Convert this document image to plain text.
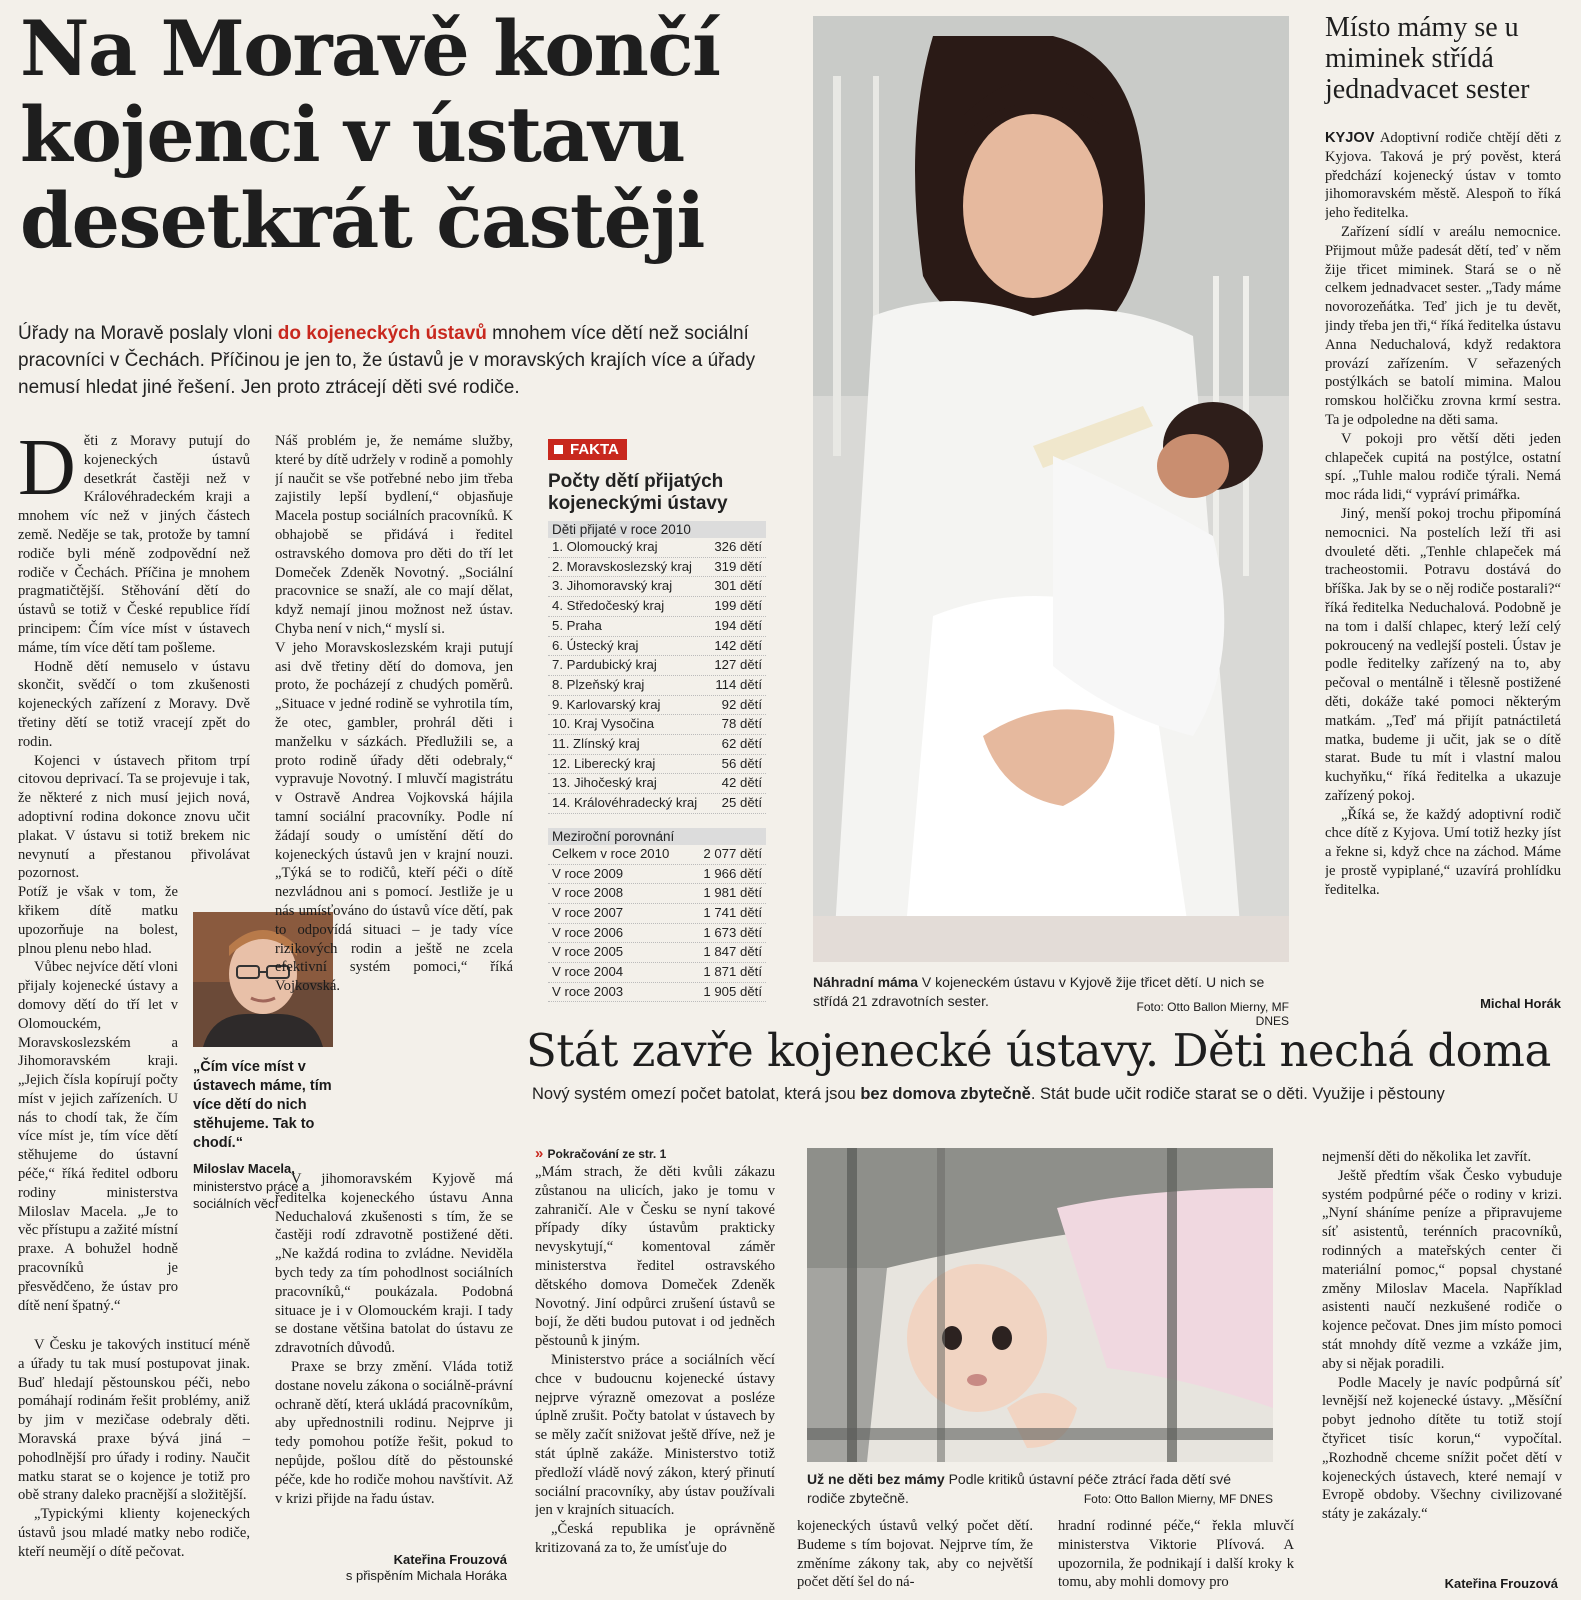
Na Moravě končí kojenci v ústavu desetkrát častěji
Úřady na Moravě poslaly vloni do kojeneckých ústavů mnohem více dětí než sociální pracovníci v Čechách. Příčinou je jen to, že ústavů je v moravských krajích více a úřady nemusí hledat jiné řešení. Jen proto ztrácejí děti své rodiče.

Děti z Moravy putují do kojeneckých ústavů desetkrát častěji než v Královéhradeckém kraji a mnohem víc než v jiných částech země. Neděje se tak, protože by tamní rodiče byli méně zodpovědní než rodiče v Čechách. Příčina je mnohem pragmatičtější. Stěhování dětí do ústavů se totiž v České republice řídí principem: Čím více míst v ústavech máme, tím více dětí tam pošleme.

Hodně dětí nemuselo v ústavu skončit, svědčí o tom zkušenosti kojeneckých zařízení z Moravy. Dvě třetiny dětí se totiž vracejí zpět do rodin.

Kojenci v ústavech přitom trpí citovou deprivací. Ta se projevuje i tak, že některé z nich musí jejich nová, adoptivní rodina dokonce znovu učit plakat. V ústavu si totiž brekem nic nevynutí a přestanou přivolávat pozornost.

Potíž je však v tom, že křikem dítě matku upozorňuje na bolest, plnou plenu nebo hlad.

Vůbec nejvíce dětí vloni přijaly kojenecké ústavy a domovy dětí do tří let v Olomouckém, Moravskoslezském a Jihomoravském kraji. „Jejich čísla kopírují počty míst v jejich zařízeních. U nás to chodí tak, že čím více míst je, tím více dětí stěhujeme do ústavní péče,“ říká ředitel odboru rodiny ministerstva Miloslav Macela. „Je to věc přístupu a zažité místní praxe. A bohužel hodně pracovníků je přesvědčeno, že ústav pro dítě není špatný.“

V Česku je takových institucí méně a úřady tu tak musí postupovat jinak. Buď hledají pěstounskou péči, nebo pomáhají rodinám řešit problémy, aniž by jim v mezičase odebraly děti. Moravská praxe bývá jiná – pohodlnější pro úřady i rodiny. Naučit matku starat se o kojence je totiž pro obě strany daleko pracnější a složitější.

„Typickými klienty kojeneckých ústavů jsou mladé matky nebo rodiče, kteří neumějí o dítě pečovat.

„Čím více míst v ústavech máme, tím více dětí do nich stěhujeme. Tak to chodí.“
Miloslav Macela,
ministerstvo práce a sociálních věcí

Náš problém je, že nemáme služby, které by dítě udržely v rodině a pomohly jí naučit se vše potřebné nebo jim třeba zajistily lepší bydlení,“ objasňuje Macela postup sociálních pracovníků. K obhajobě se přidává i ředitel ostravského domova pro děti do tří let Domeček Zdeněk Novotný. „Sociální pracovnice se snaží, ale co mají dělat, když nemají jinou možnost než ústav. Chyba není v nich,“ myslí si.

V jeho Moravskoslezském kraji putují asi dvě třetiny dětí do domova, jen proto, že pocházejí z chudých poměrů. „Situace v jedné rodině se vyhrotila tím, že otec, gambler, prohrál děti i manželku v sázkách. Předlužili se, a proto rodině úřady děti odebraly,“ vypravuje Novotný. I mluvčí magistrátu v Ostravě Andrea Vojkovská hájila tamní sociální pracovníky. Podle ní žádají soudy o umístění dětí do kojeneckých ústavů jen v krajní nouzi. „Týká se to rodičů, kteří péči o dítě nezvládnou ani s pomocí. Jestliže je u nás umísťováno do ústavů více dětí, pak to odpovídá situaci – je tady více rizikových rodin a ještě ne zcela efektivní systém pomoci,“ říká Vojkovská.

V jihomoravském Kyjově má ředitelka kojeneckého ústavu Anna Neduchalová zkušenosti s tím, že se častěji rodí zdravotně postižené děti. „Ne každá rodina to zvládne. Neviděla bych tedy za tím pohodlnost sociálních pracovníků,“ poukázala. Podobná situace je i v Olomouckém kraji. I tady se dostane většina batolat do ústavu ze zdravotních důvodů.

Praxe se brzy změní. Vláda totiž dostane novelu zákona o sociálně-právní ochraně dětí, která ukládá pracovníkům, aby upřednostnili rodinu. Nejprve ji tedy pomohou potíže řešit, pokud to nepůjde, pošlou dítě do pěstounské péče, kde ho rodiče mohou navštívit. Až v krizi přijde na řadu ústav.

Kateřina Frouzová
s přispěním Michala Horáka
FAKTA
Počty dětí přijatých kojeneckými ústavy
Děti přijaté v roce 2010
1. Olomoucký kraj	326 dětí
2. Moravskoslezský kraj 319 dětí
3. Jihomoravský kraj	301 dětí
4. Středočeský kraj	199 dětí
5. Praha	194 dětí
6. Ústecký kraj	142 dětí
7. Pardubický kraj	127 dětí
8. Plzeňský kraj	114 dětí
9. Karlovarský kraj	92 dětí
10. Kraj Vysočina	78 dětí
11. Zlínský kraj	62 dětí
12. Liberecký kraj	56 dětí
13. Jihočeský kraj	42 dětí
14. Královéhradecký kraj 25 dětí
Meziroční porovnání
Celkem v roce 2010	2 077 dětí
V roce 2009	1 966 dětí
V roce 2008	1 981 dětí
V roce 2007	1 741 dětí
V roce 2006	1 673 dětí
V roce 2005	1 847 dětí
V roce 2004	1 871 dětí
V roce 2003	1 905 dětí
Náhradní máma V kojeneckém ústavu v Kyjově žije třicet dětí. U nich se střídá 21 zdravotních sester.	Foto: Otto Ballon Mierny, MF DNES
Místo mámy se u miminek střídá jednadvacet sester

KYJOV Adoptivní rodiče chtějí děti z Kyjova. Taková je prý pověst, která předchází kojenecký ústav v tomto jihomoravském městě. Alespoň to říká jeho ředitelka.

Zařízení sídlí v areálu nemocnice. Přijmout může padesát dětí, teď v něm žije třicet miminek. Stará se o ně celkem jednadvacet sester. „Tady máme novorozeňátka. Teď jich je tu devět, jindy třeba jen tři,“ říká ředitelka ústavu Anna Neduchalová, když redaktora provází zařízením. V seřazených postýlkách se batolí mimina. Malou romskou holčičku zrovna krmí sestra. Ta je odpoledne na děti sama.

V pokoji pro větší děti jeden chlapeček cupitá na postýlce, ostatní spí. „Tuhle malou rodiče týrali. Nemá moc ráda lidi,“ vypráví primářka.

Jiný, menší pokoj trochu připomíná nemocnici. Na postelích leží tři asi dvouleté děti. „Tenhle chlapeček má tracheostomii. Potravu dostává do bříška. Jak by se o něj rodiče postarali?“ říká ředitelka Neduchalová. Podobně je na tom i další chlapec, který leží celý pokroucený na vedlejší posteli. Ústav je podle ředitelky zařízený na to, aby pečoval o mentálně i tělesně postižené děti, dokáže také pomoci některým matkám. „Teď má přijít patnáctiletá matka, budeme ji učit, jak se o dítě starat. Bude tu mít i vlastní malou kuchyňku,“ říká ředitelka a ukazuje zařízený pokoj.

„Říká se, že každý adoptivní rodič chce dítě z Kyjova. Umí totiž hezky jíst a řekne si, když chce na záchod. Máme je prostě vypiplané,“ uzavírá prohlídku ředitelka.

Michal Horák
Stát zavře kojenecké ústavy. Děti nechá doma
Nový systém omezí počet batolat, která jsou bez domova zbytečně. Stát bude učit rodiče starat se o děti. Využije i pěstouny
» Pokračování ze str. 1

„Mám strach, že děti kvůli zákazu zůstanou na ulicích, jako je tomu v zahraničí. Ale v Česku se nyní takové případy díky ústavům prakticky nevyskytují,“ komentoval záměr ministerstva ředitel ostravského dětského domova Domeček Zdeněk Novotný. Jiní odpůrci zrušení ústavů se bojí, že děti budou putovat i od jedněch pěstounů k jiným.

Ministerstvo práce a sociálních věcí chce v budoucnu kojenecké ústavy nejprve výrazně omezovat a posléze úplně zrušit. Počty batolat v ústavech by se měly začít snižovat ještě dříve, než je stát úplně zakáže. Ministerstvo totiž předloží vládě nový zákon, který přinutí sociální pracovníky, aby ústav používali jen v krajních situacích.

„Česká republika je oprávněně kritizovaná za to, že umísťuje do

Už ne děti bez mámy Podle kritiků ústavní péče ztrácí řada dětí své rodiče zbytečně.	Foto: Otto Ballon Mierny, MF DNES
kojeneckých ústavů velký počet dětí. Budeme s tím bojovat. Nejprve tím, že změníme zákony tak, aby co největší počet dětí šel do ná-
hradní rodinné péče,“ řekla mluvčí ministerstva Viktorie Plívová. A upozornila, že podnikají i další kroky k tomu, aby mohli domovy pro

nejmenší děti do několika let zavřít.

Ještě předtím však Česko vybuduje systém podpůrné péče o rodiny v krizi. „Nyní sháníme peníze a připravujeme síť asistentů, terénních pracovníků, rodinných a mateřských center či materiální pomoc,“ popsal chystané změny Miloslav Macela. Například asistenti naučí nezkušené rodiče o kojence pečovat. Dnes jim místo pomoci stát mnohdy dítě vezme a vzkáže jim, aby si nějak poradili.

Podle Macely je navíc podpůrná síť levnější než kojenecké ústavy. „Měsíční pobyt jednoho dítěte tu totiž stojí čtyřicet tisíc korun,“ vypočítal. „Rozhodně chceme snížit počet dětí v kojeneckých ústavech, které nemají v Evropě obdoby. Všechny civilizované státy je zakázaly.“

Kateřina Frouzová
